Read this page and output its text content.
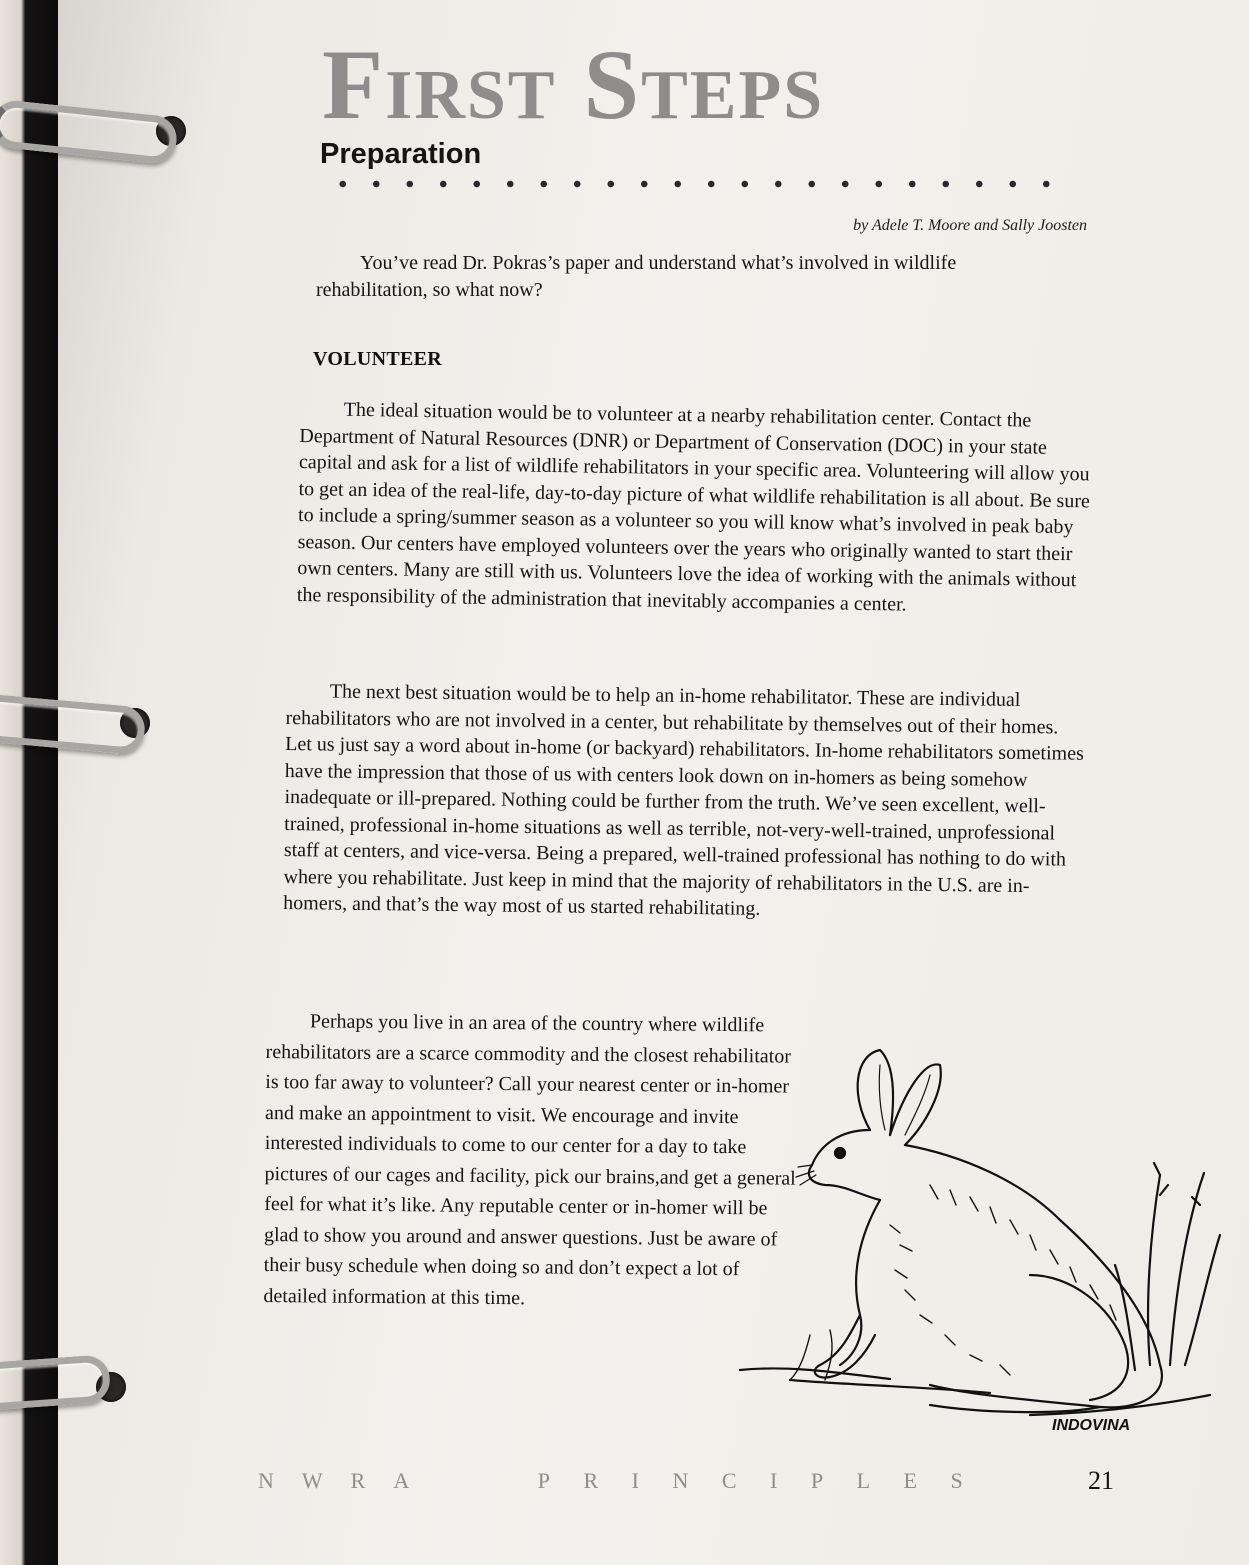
First Steps
Preparation
by Adele T. Moore and Sally Joosten

You’ve read Dr. Pokras’s paper and understand what’s involved in wildlife rehabilitation, so what now?

VOLUNTEER

The ideal situation would be to volunteer at a nearby rehabilitation center. Contact the Department of Natural Resources (DNR) or Department of Conservation (DOC) in your state capital and ask for a list of wildlife rehabilitators in your specific area. Volunteering will allow you to get an idea of the real-life, day-to-day picture of what wildlife rehabilitation is all about. Be sure to include a spring/summer season as a volunteer so you will know what’s involved in peak baby season. Our centers have employed volunteers over the years who originally wanted to start their own centers. Many are still with us. Volunteers love the idea of working with the animals without the responsibility of the administration that inevitably accompanies a center.

The next best situation would be to help an in-home rehabilitator. These are individual rehabilitators who are not involved in a center, but rehabilitate by themselves out of their homes. Let us just say a word about in-home (or backyard) rehabilitators. In-home rehabilitators sometimes have the impression that those of us with centers look down on in-homers as being somehow inadequate or ill-prepared. Nothing could be further from the truth. We’ve seen excellent, well-trained, professional in-home situations as well as terrible, not-very-well-trained, unprofessional staff at centers, and vice-versa. Being a prepared, well-trained professional has nothing to do with where you rehabilitate. Just keep in mind that the majority of rehabilitators in the U.S. are in-homers, and that’s the way most of us started rehabilitating.

Perhaps you live in an area of the country where wildlife rehabilitators are a scarce commodity and the closest rehabilitator is too far away to volunteer? Call your nearest center or in-homer and make an appointment to visit. We encourage and invite interested individuals to come to our center for a day to take pictures of our cages and facility, pick our brains,and get a general feel for what it’s like. Any reputable center or in-homer will be glad to show you around and answer questions. Just be aware of their busy schedule when doing so and don’t expect a lot of detailed information at this time.

INDOVINA
NWRA	PRINCIPLES	21
